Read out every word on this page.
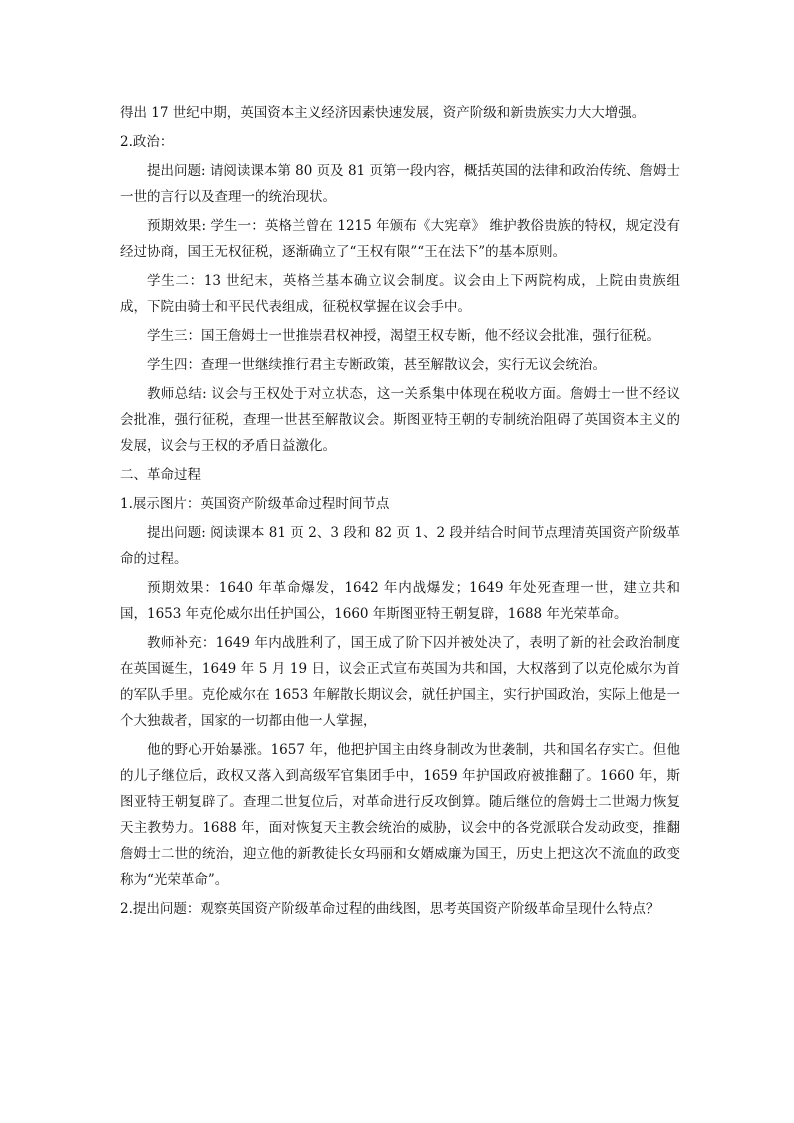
得出 17 世纪中期，英国资本主义经济因素快速发展，资产阶级和新贵族实力大大增强。

2.政治：

提出问题: 请阅读课本第 80 页及 81 页第一段内容，概括英国的法律和政治传统、詹姆士一世的言行以及查理一的统治现状。

预期效果: 学生一：英格兰曾在 1215 年颁布《大宪章》 维护教俗贵族的特权，规定没有经过协商，国王无权征税，逐渐确立了“王权有限”“王在法下”的基本原则。

学生二：13 世纪末，英格兰基本确立议会制度。议会由上下两院构成，上院由贵族组成，下院由骑士和平民代表组成，征税权掌握在议会手中。

学生三：国王詹姆士一世推崇君权神授，渴望王权专断，他不经议会批准，强行征税。

学生四：查理一世继续推行君主专断政策，甚至解散议会，实行无议会统治。

教师总结: 议会与王权处于对立状态，这一关系集中体现在税收方面。詹姆士一世不经议会批准，强行征税，查理一世甚至解散议会。斯图亚特王朝的专制统治阻碍了英国资本主义的发展，议会与王权的矛盾日益激化。

二、革命过程

1.展示图片：英国资产阶级革命过程时间节点

提出问题: 阅读课本 81 页 2、3 段和 82 页 1、2 段并结合时间节点理清英国资产阶级革命的过程。

预期效果：1640 年革命爆发，1642 年内战爆发；1649 年处死查理一世，建立共和国，1653 年克伦威尔出任护国公，1660 年斯图亚特王朝复辟，1688 年光荣革命。

教师补充：1649 年内战胜利了，国王成了阶下囚并被处决了，表明了新的社会政治制度在英国诞生，1649 年 5 月 19 日，议会正式宣布英国为共和国，大权落到了以克伦威尔为首的军队手里。克伦威尔在 1653 年解散长期议会，就任护国主，实行护国政治，实际上他是一个大独裁者，国家的一切都由他一人掌握，

他的野心开始暴涨。1657 年，他把护国主由终身制改为世袭制，共和国名存实亡。但他的儿子继位后，政权又落入到高级军官集团手中，1659 年护国政府被推翻了。1660 年，斯图亚特王朝复辟了。查理二世复位后，对革命进行反攻倒算。随后继位的詹姆士二世竭力恢复天主教势力。1688 年，面对恢复天主教会统治的威胁，议会中的各党派联合发动政变，推翻詹姆士二世的统治，迎立他的新教徒长女玛丽和女婿威廉为国王，历史上把这次不流血的政变称为“光荣革命”。

2.提出问题：观察英国资产阶级革命过程的曲线图，思考英国资产阶级革命呈现什么特点？
